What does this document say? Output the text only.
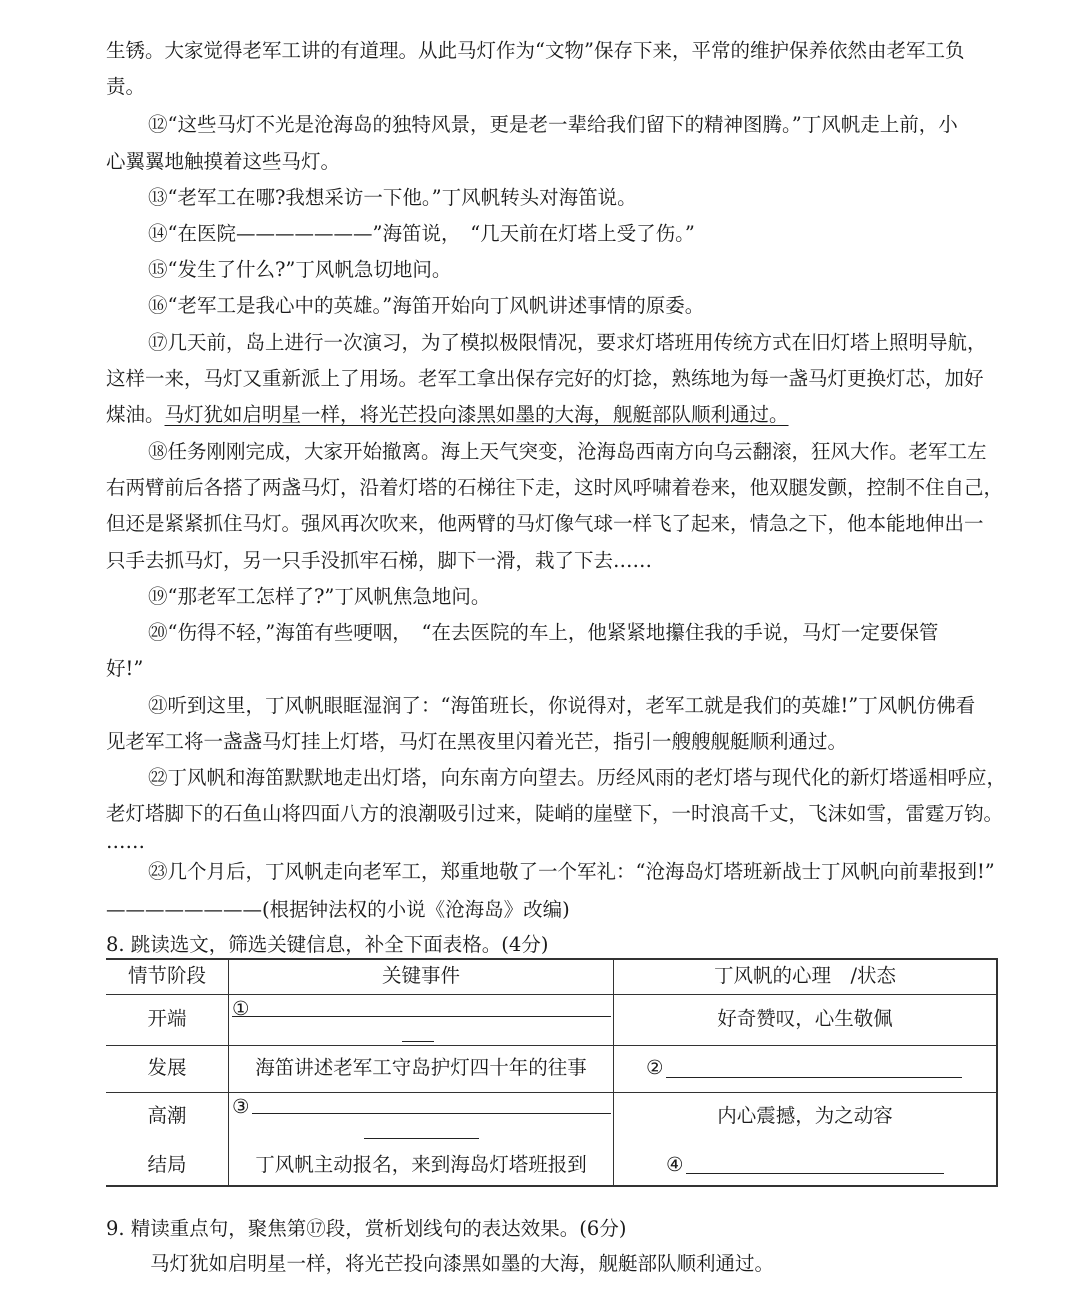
生锈。大家觉得老军工讲的有道理。从此马灯作为“文物”保存下来，平常的维护保养依然由老军工负
责。
⑫“这些马灯不光是沧海岛的独特风景，更是老一辈给我们留下的精神图腾。”丁风帆走上前，小
心翼翼地触摸着这些马灯。
⑬“老军工在哪?我想采访一下他。”丁风帆转头对海笛说。
⑭“在医院———————”海笛说，　“几天前在灯塔上受了伤。”
⑮“发生了什么?”丁风帆急切地问。
⑯“老军工是我心中的英雄。”海笛开始向丁风帆讲述事情的原委。
⑰几天前，岛上进行一次演习，为了模拟极限情况，要求灯塔班用传统方式在旧灯塔上照明导航，
这样一来，马灯又重新派上了用场。老军工拿出保存完好的灯捻，熟练地为每一盏马灯更换灯芯，加好
煤油。马灯犹如启明星一样，将光芒投向漆黑如墨的大海，舰艇部队顺利通过。
⑱任务刚刚完成，大家开始撤离。海上天气突变，沧海岛西南方向乌云翻滚，狂风大作。老军工左
右两臂前后各搭了两盏马灯，沿着灯塔的石梯往下走，这时风呼啸着卷来，他双腿发颤，控制不住自己，
但还是紧紧抓住马灯。强风再次吹来，他两臂的马灯像气球一样飞了起来，情急之下，他本能地伸出一
只手去抓马灯，另一只手没抓牢石梯，脚下一滑，栽了下去……
⑲“那老军工怎样了?”丁风帆焦急地问。
⑳“伤得不轻，”海笛有些哽咽，　“在去医院的车上，他紧紧地攥住我的手说，马灯一定要保管
好!”
㉑听到这里，丁风帆眼眶湿润了：“海笛班长，你说得对，老军工就是我们的英雄!”丁风帆仿佛看
见老军工将一盏盏马灯挂上灯塔，马灯在黑夜里闪着光芒，指引一艘艘舰艇顺利通过。
㉒丁风帆和海笛默默地走出灯塔，向东南方向望去。历经风雨的老灯塔与现代化的新灯塔遥相呼应，
老灯塔脚下的石鱼山将四面八方的浪潮吸引过来，陡峭的崖壁下，一时浪高千丈，飞沫如雪，雷霆万钧。
……
㉓几个月后，丁风帆走向老军工，郑重地敬了一个军礼：“沧海岛灯塔班新战士丁风帆向前辈报到!”
————————(根据钟法权的小说《沧海岛》改编)
8. 跳读选文，筛选关键信息，补全下面表格。(4分)
情节阶段	关键事件	丁风帆的心理　/状态
开端	①	好奇赞叹，心生敬佩
发展	海笛讲述老军工守岛护灯四十年的往事	②
高潮	③	内心震撼，为之动容
结局	丁风帆主动报名，来到海岛灯塔班报到	④
9. 精读重点句，聚焦第⑰段，赏析划线句的表达效果。(6分)
马灯犹如启明星一样，将光芒投向漆黑如墨的大海，舰艇部队顺利通过。
